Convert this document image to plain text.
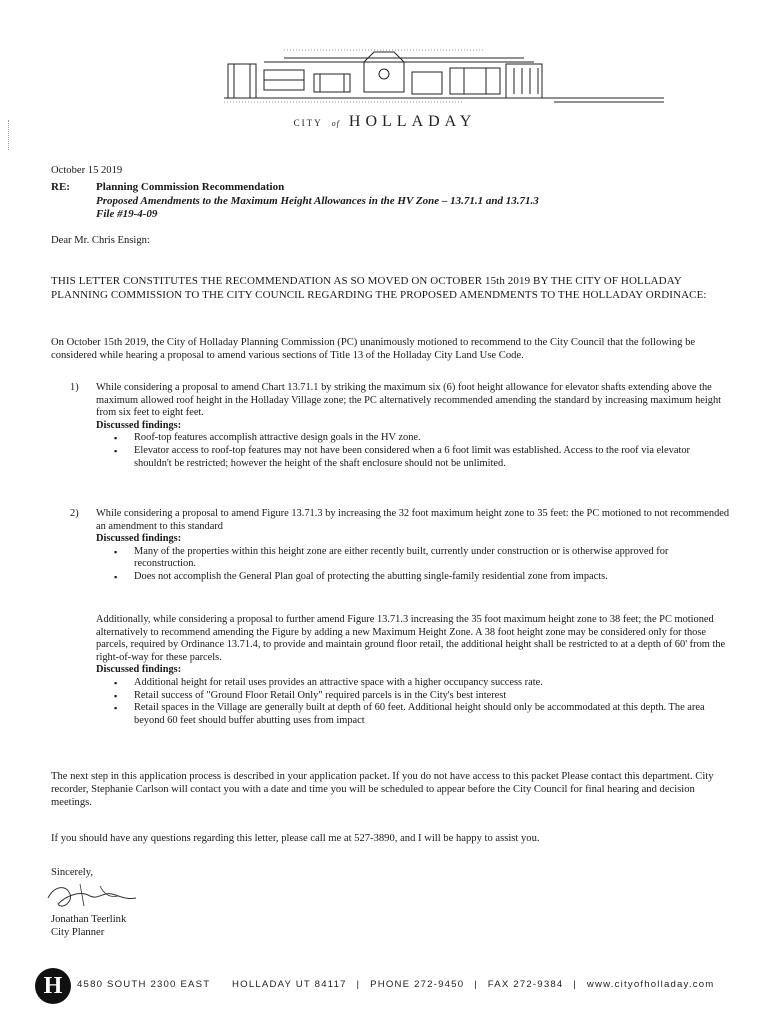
CITY of HOLLADAY
October 15 2019
RE: Planning Commission Recommendation
Proposed Amendments to the Maximum Height Allowances in the HV Zone – 13.71.1 and 13.71.3
File #19-4-09
Dear Mr. Chris Ensign:
THIS LETTER CONSTITUTES THE RECOMMENDATION AS SO MOVED ON OCTOBER 15th 2019 BY THE CITY OF HOLLADAY PLANNING COMMISSION TO THE CITY COUNCIL REGARDING THE PROPOSED AMENDMENTS TO THE HOLLADAY ORDINACE:
On October 15th 2019, the City of Holladay Planning Commission (PC) unanimously motioned to recommend to the City Council that the following be considered while hearing a proposal to amend various sections of Title 13 of the Holladay City Land Use Code.
1) While considering a proposal to amend Chart 13.71.1 by striking the maximum six (6) foot height allowance for elevator shafts extending above the maximum allowed roof height in the Holladay Village zone; the PC alternatively recommended amending the standard by increasing maximum height from six feet to eight feet.
Discussed findings:
▪ Roof-top features accomplish attractive design goals in the HV zone.
▪ Elevator access to roof-top features may not have been considered when a 6 foot limit was established. Access to the roof via elevator shouldn't be restricted; however the height of the shaft enclosure should not be unlimited.
2) While considering a proposal to amend Figure 13.71.3 by increasing the 32 foot maximum height zone to 35 feet: the PC motioned to not recommended an amendment to this standard
Discussed findings:
▪ Many of the properties within this height zone are either recently built, currently under construction or is otherwise approved for reconstruction.
▪ Does not accomplish the General Plan goal of protecting the abutting single-family residential zone from impacts.
Additionally, while considering a proposal to further amend Figure 13.71.3 increasing the 35 foot maximum height zone to 38 feet; the PC motioned alternatively to recommend amending the Figure by adding a new Maximum Height Zone. A 38 foot height zone may be considered only for those parcels, required by Ordinance 13.71.4, to provide and maintain ground floor retail, the additional height shall be restricted to at a depth of 60' from the right-of-way for these parcels.
Discussed findings:
▪ Additional height for retail uses provides an attractive space with a higher occupancy success rate.
▪ Retail success of "Ground Floor Retail Only" required parcels is in the City's best interest
▪ Retail spaces in the Village are generally built at depth of 60 feet. Additional height should only be accommodated at this depth. The area beyond 60 feet should buffer abutting uses from impact
The next step in this application process is described in your application packet. If you do not have access to this packet Please contact this department. City recorder, Stephanie Carlson will contact you with a date and time you will be scheduled to appear before the City Council for final hearing and decision meetings.
If you should have any questions regarding this letter, please call me at 527-3890, and I will be happy to assist you.
Sincerely,
Jonathan Teerlink
City Planner
H	4580 SOUTH 2300 EAST HOLLADAY UT 84117 | PHONE 272-9450 | FAX 272-9384 | www.cityofholladay.com
